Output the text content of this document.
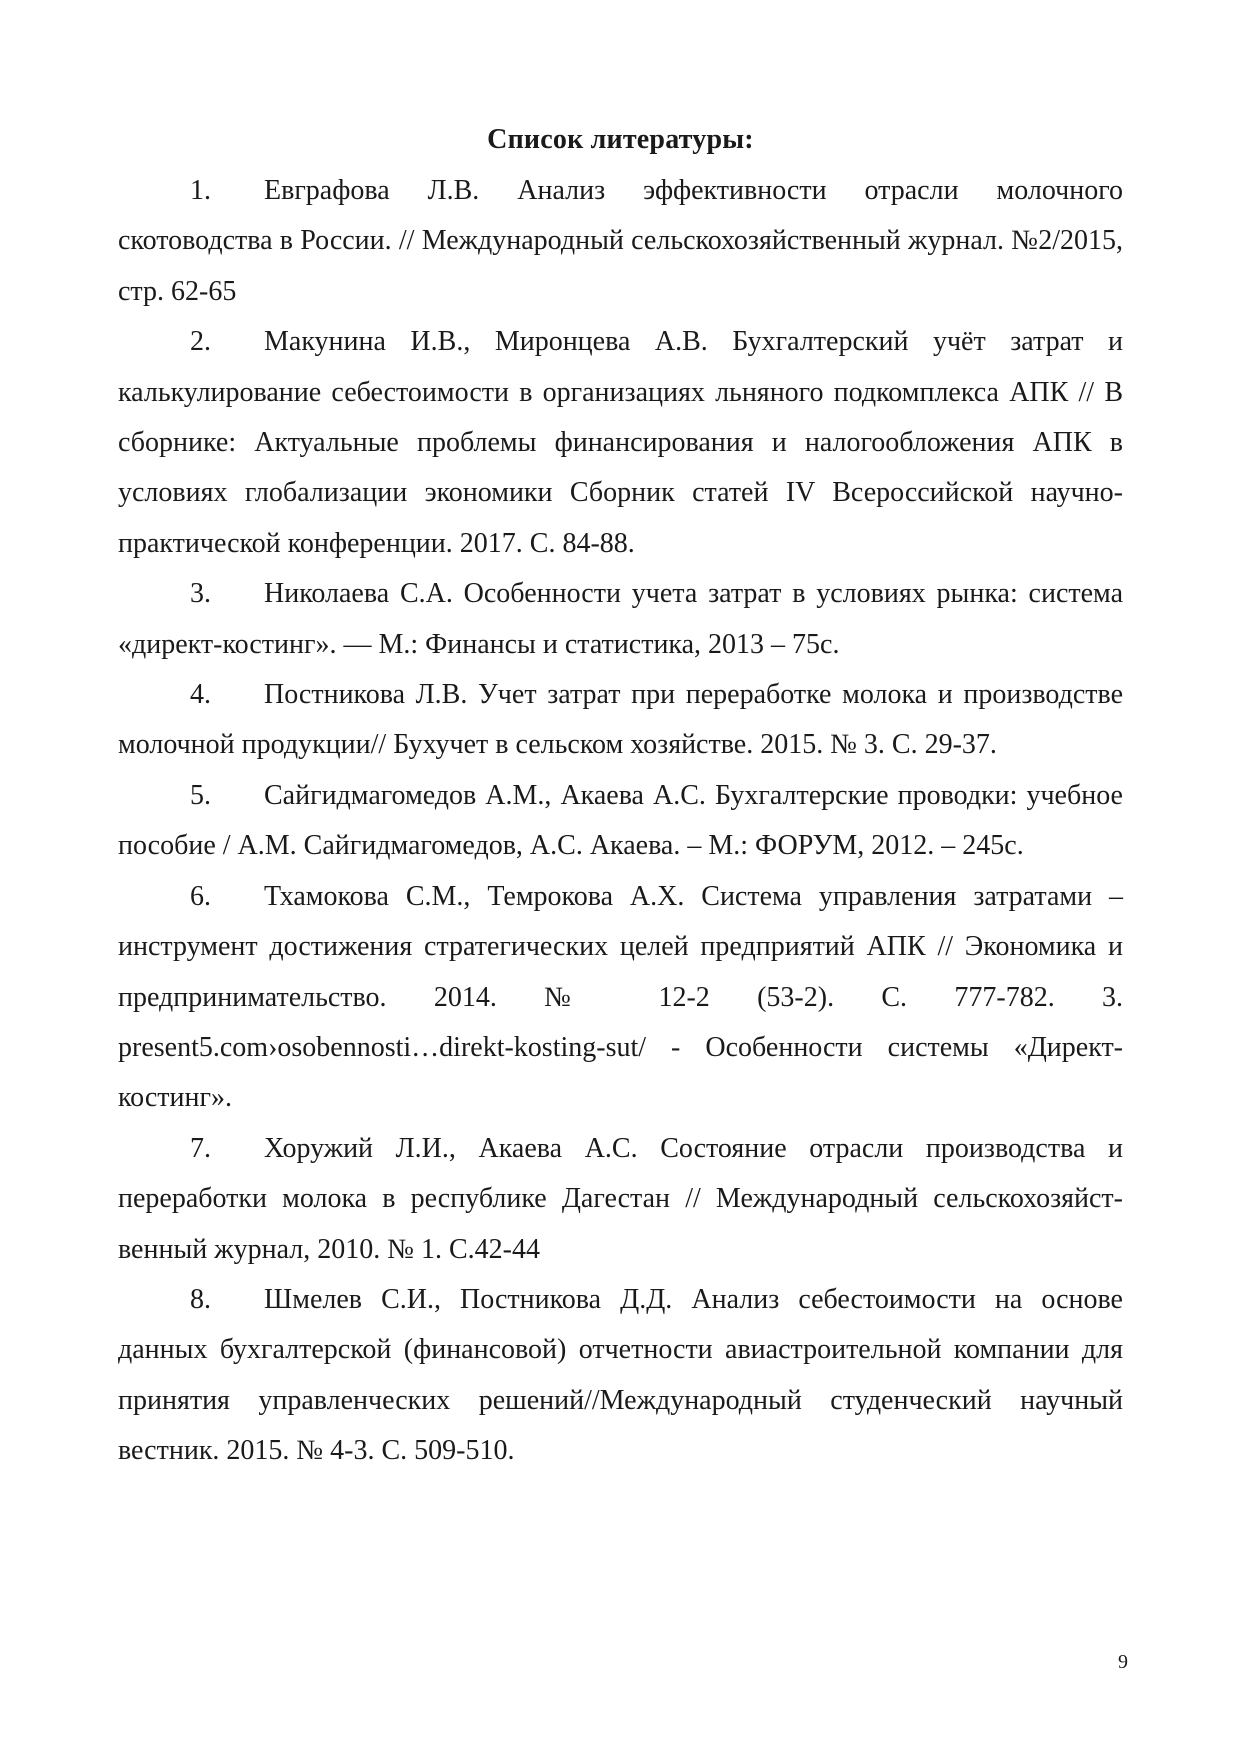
Список литературы:
1. Евграфова Л.В. Анализ эффективности отрасли молочного скотоводства в России. // Международный сельскохозяйственный журнал. №2/2015, стр. 62-65
2. Макунина И.В., Миронцева А.В. Бухгалтерский учёт затрат и калькулирование себестоимости в организациях льняного подкомплекса АПК // В сборнике: Актуальные проблемы финансирования и налогообложения АПК в условиях глобализации экономики Сборник статей IV Всероссийской научно-практической конференции. 2017. С. 84-88.
3. Николаева С.А. Особенности учета затрат в условиях рынка: система «директ-костинг». — М.: Финансы и статистика, 2013 – 75с.
4. Постникова Л.В. Учет затрат при переработке молока и производстве молочной продукции// Бухучет в сельском хозяйстве. 2015. № 3. С. 29-37.
5. Сайгидмагомедов А.М., Акаева А.С. Бухгалтерские проводки: учебное пособие / А.М. Сайгидмагомедов, А.С. Акаева. – М.: ФОРУМ, 2012. – 245с.
6. Тхамокова С.М., Темрокова А.Х. Система управления затратами – инструмент достижения стратегических целей предприятий АПК // Экономика и предпринимательство. 2014. № 12-2 (53-2). С. 777-782. 3. present5.com›osobennosti…direkt-kosting-sut/ - Особенности системы «Директ-костинг».
7. Хоружий Л.И., Акаева А.С. Состояние отрасли производства и переработки молока в республике Дагестан // Международный сельскохозяйственный журнал, 2010. № 1. С.42-44
8. Шмелев С.И., Постникова Д.Д. Анализ себестоимости на основе данных бухгалтерской (финансовой) отчетности авиастроительной компании для принятия управленческих решений//Международный студенческий научный вестник. 2015. № 4-3. С. 509-510.
9
